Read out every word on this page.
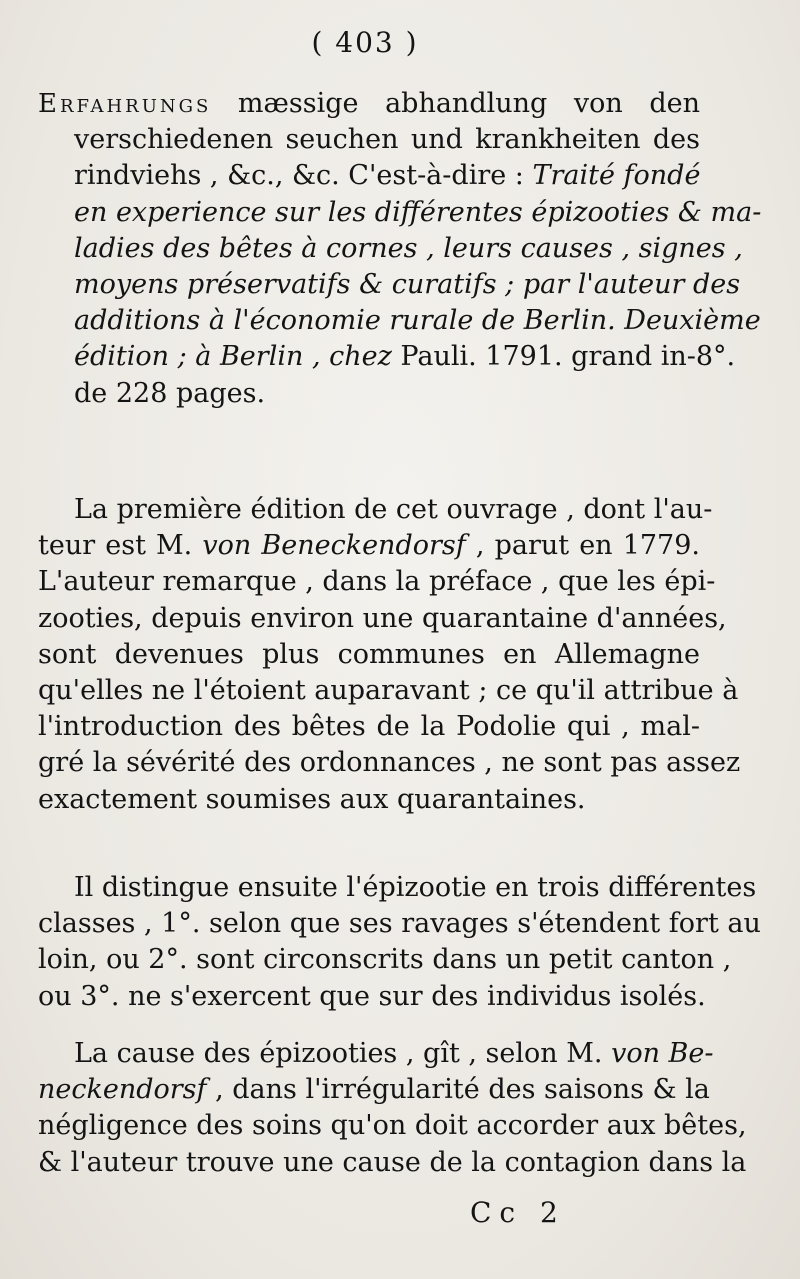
( 403 )
Erfahrungs mæssige abhandlung von den
verschiedenen seuchen und krankheiten des
rindviehs , &c., &c. C'est-à-dire : Traité fondé
en experience sur les différentes épizooties & ma-
ladies des bêtes à cornes , leurs causes , signes ,
moyens préservatifs & curatifs ; par l'auteur des
additions à l'économie rurale de Berlin. Deuxième
édition ; à Berlin , chez Pauli. 1791. grand in-8°.
de 228 pages.
La première édition de cet ouvrage , dont l'au-
teur est M. von Beneckendorsf , parut en 1779.
L'auteur remarque , dans la préface , que les épi-
zooties, depuis environ une quarantaine d'années,
sont devenues plus communes en Allemagne
qu'elles ne l'étoient auparavant ; ce qu'il attribue à
l'introduction des bêtes de la Podolie qui , mal-
gré la sévérité des ordonnances , ne sont pas assez
exactement soumises aux quarantaines.
Il distingue ensuite l'épizootie en trois différentes
classes , 1°. selon que ses ravages s'étendent fort au
loin, ou 2°. sont circonscrits dans un petit canton ,
ou 3°. ne s'exercent que sur des individus isolés.
La cause des épizooties , gît , selon M. von Be-
neckendorsf , dans l'irrégularité des saisons & la
négligence des soins qu'on doit accorder aux bêtes,
& l'auteur trouve une cause de la contagion dans la
Cc 2
